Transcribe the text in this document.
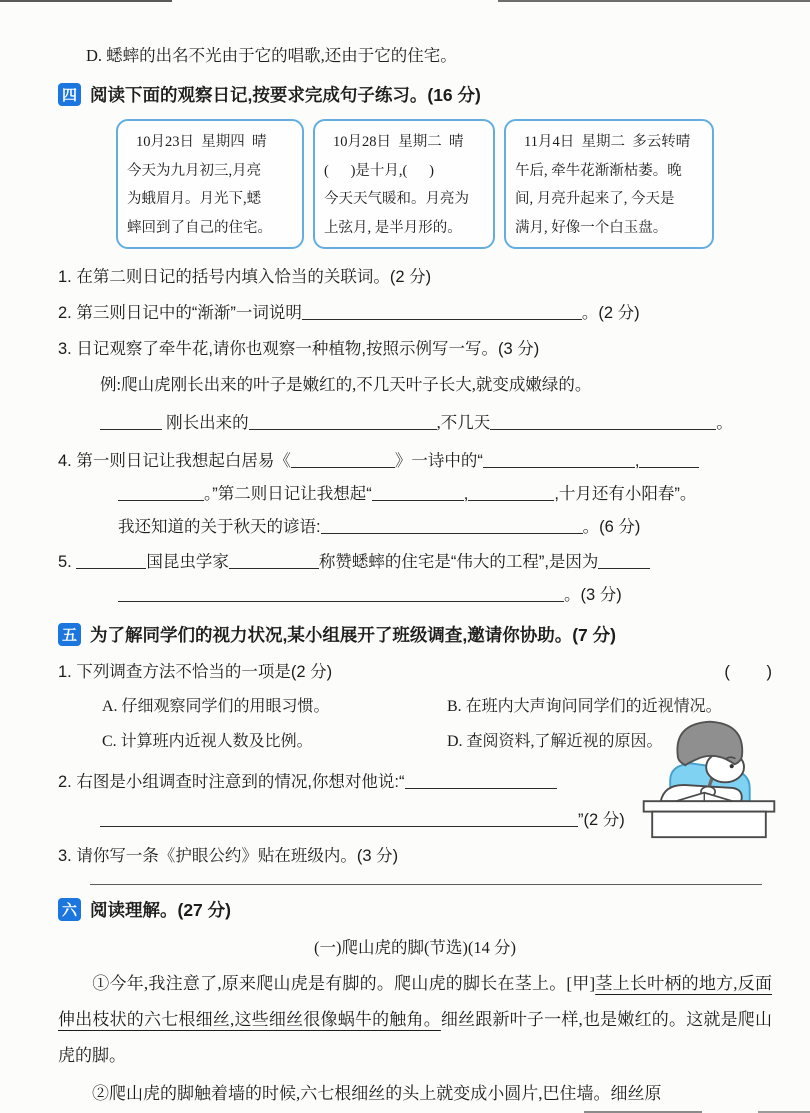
D. 蟋蟀的出名不光由于它的唱歌,还由于它的住宅。
四 阅读下面的观察日记,按要求完成句子练习。(16 分)
10月23日  星期四  晴
今天为九月初三,月亮
为蛾眉月。月光下,蟋
蟀回到了自己的住宅。
10月28日  星期二  晴
(      )是十月,(      )
今天天气暖和。月亮为
上弦月, 是半月形的。
11月4日  星期二  多云转晴
午后, 牵牛花渐渐枯萎。晚
间, 月亮升起来了, 今天是
满月, 好像一个白玉盘。
1. 在第二则日记的括号内填入恰当的关联词。(2 分)
2. 第三则日记中的“渐渐”一词说明	。(2 分)
3. 日记观察了牵牛花,请你也观察一种植物,按照示例写一写。(3 分)
例:爬山虎刚长出来的叶子是嫩红的,不几天叶子长大,就变成嫩绿的。
刚长出来的	,不几天	。
4. 第一则日记让我想起白居易《	》一诗中的“	,
。”第二则日记让我想起“	,	,十月还有小阳春”。
我还知道的关于秋天的谚语:	。(6 分)
5.	国昆虫学家	称赞蟋蟀的住宅是“伟大的工程”,是因为
。(3 分)
五 为了解同学们的视力状况,某小组展开了班级调查,邀请你协助。(7 分)
1. 下列调查方法不恰当的一项是(2 分)	(        )
A. 仔细观察同学们的用眼习惯。	B. 在班内大声询问同学们的近视情况。
C. 计算班内近视人数及比例。	D. 查阅资料,了解近视的原因。
2. 右图是小组调查时注意到的情况,你想对他说:“
”(2 分)
3. 请你写一条《护眼公约》贴在班级内。(3 分)
六 阅读理解。(27 分)
(一)爬山虎的脚(节选)(14 分)

①今年,我注意了,原来爬山虎是有脚的。爬山虎的脚长在茎上。[甲]茎上长叶柄的地方,反面伸出枝状的六七根细丝,这些细丝很像蜗牛的触角。细丝跟新叶子一样,也是嫩红的。这就是爬山虎的脚。

②爬山虎的脚触着墙的时候,六七根细丝的头上就变成小圆片,巴住墙。细丝原
